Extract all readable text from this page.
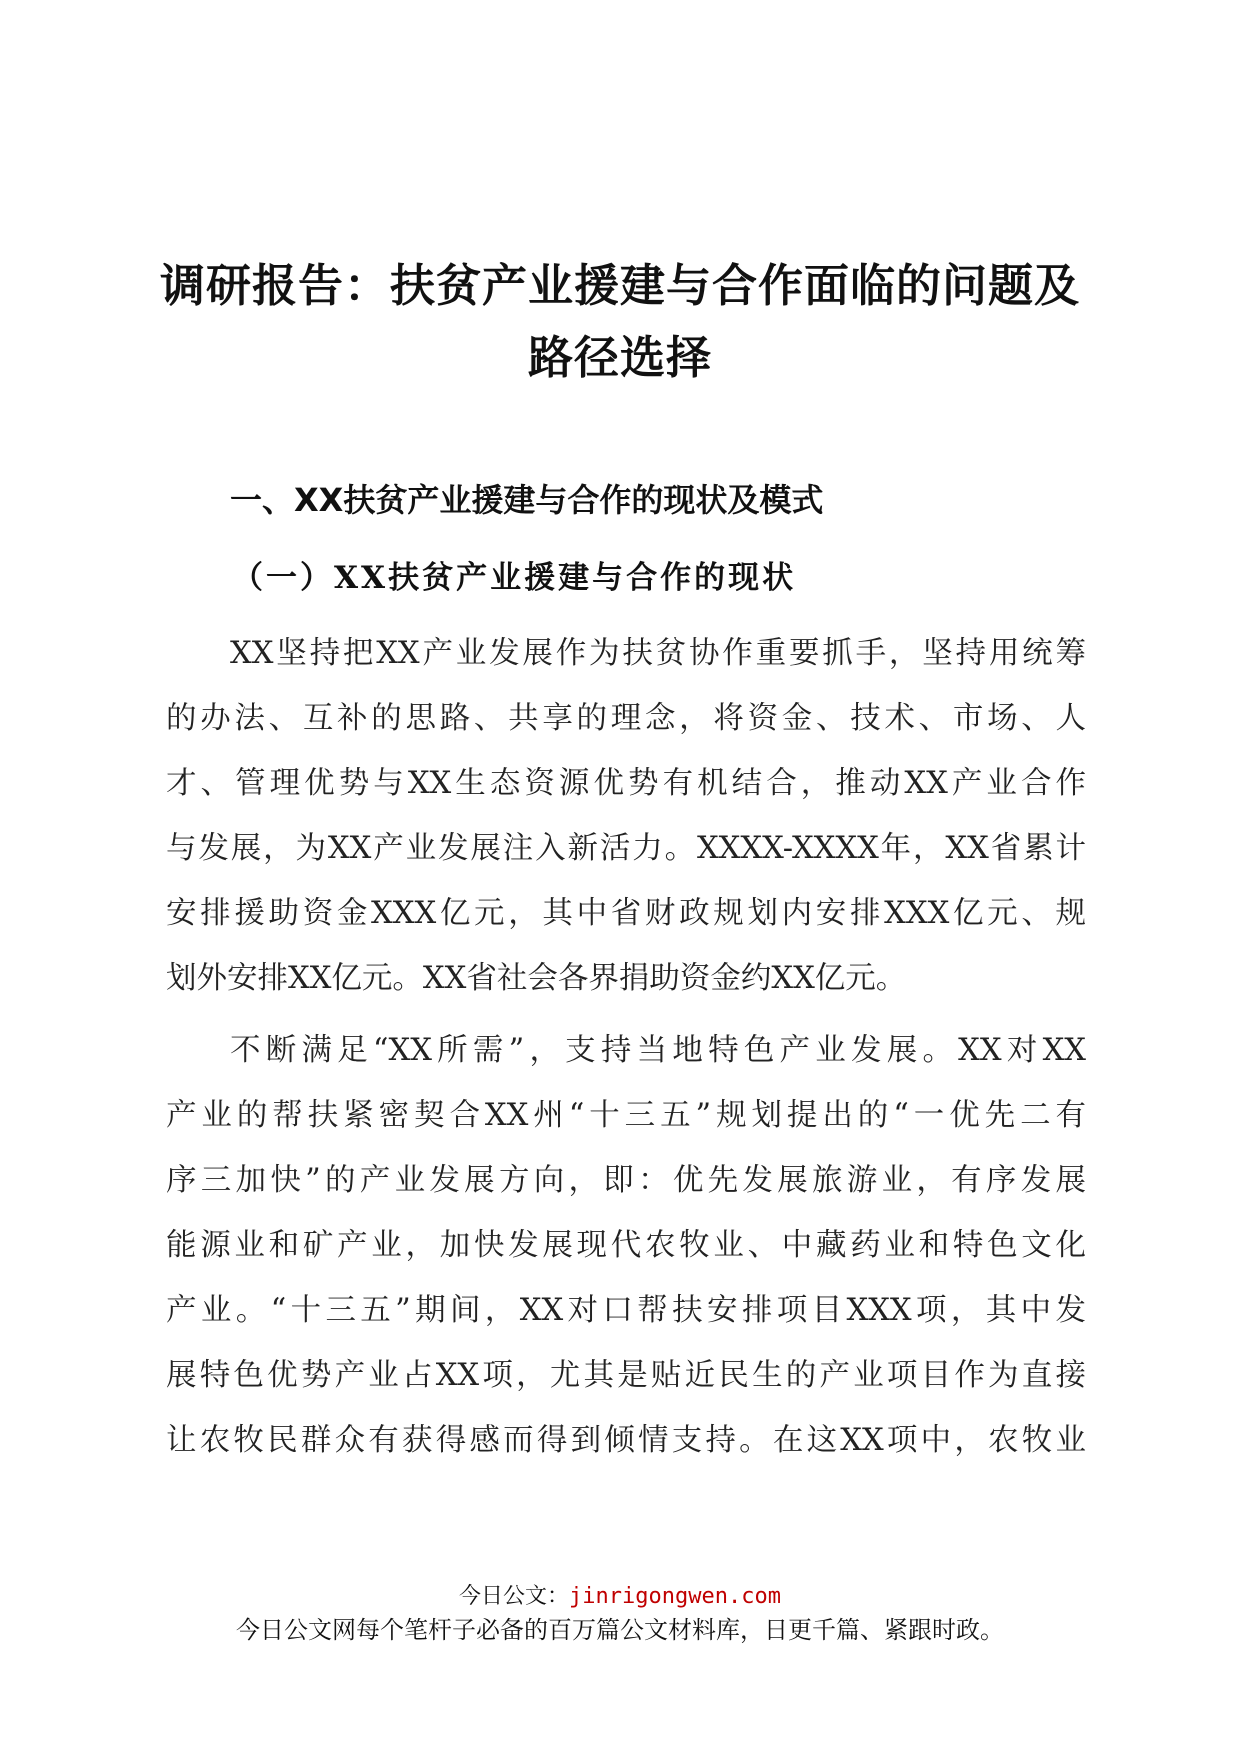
调研报告：扶贫产业援建与合作面临的问题及
路径选择
一、XX扶贫产业援建与合作的现状及模式
（一）XX扶贫产业援建与合作的现状
XX坚持把XX产业发展作为扶贫协作重要抓手，坚持用统筹
的办法、互补的思路、共享的理念，将资金、技术、市场、人
才、管理优势与XX生态资源优势有机结合，推动XX产业合作
与发展，为XX产业发展注入新活力。XXXX-XXXX年，XX省累计
安排援助资金XXX亿元，其中省财政规划内安排XXX亿元、规
划外安排XX亿元。XX省社会各界捐助资金约XX亿元。
不断满足“XX所需”，支持当地特色产业发展。XX对XX
产业的帮扶紧密契合XX州“十三五”规划提出的“一优先二有
序三加快”的产业发展方向，即：优先发展旅游业，有序发展
能源业和矿产业，加快发展现代农牧业、中藏药业和特色文化
产业。“十三五”期间，XX对口帮扶安排项目XXX项，其中发
展特色优势产业占XX项，尤其是贴近民生的产业项目作为直接
让农牧民群众有获得感而得到倾情支持。在这XX项中，农牧业
今日公文：jinrigongwen.com
今日公文网每个笔杆子必备的百万篇公文材料库，日更千篇、紧跟时政。
